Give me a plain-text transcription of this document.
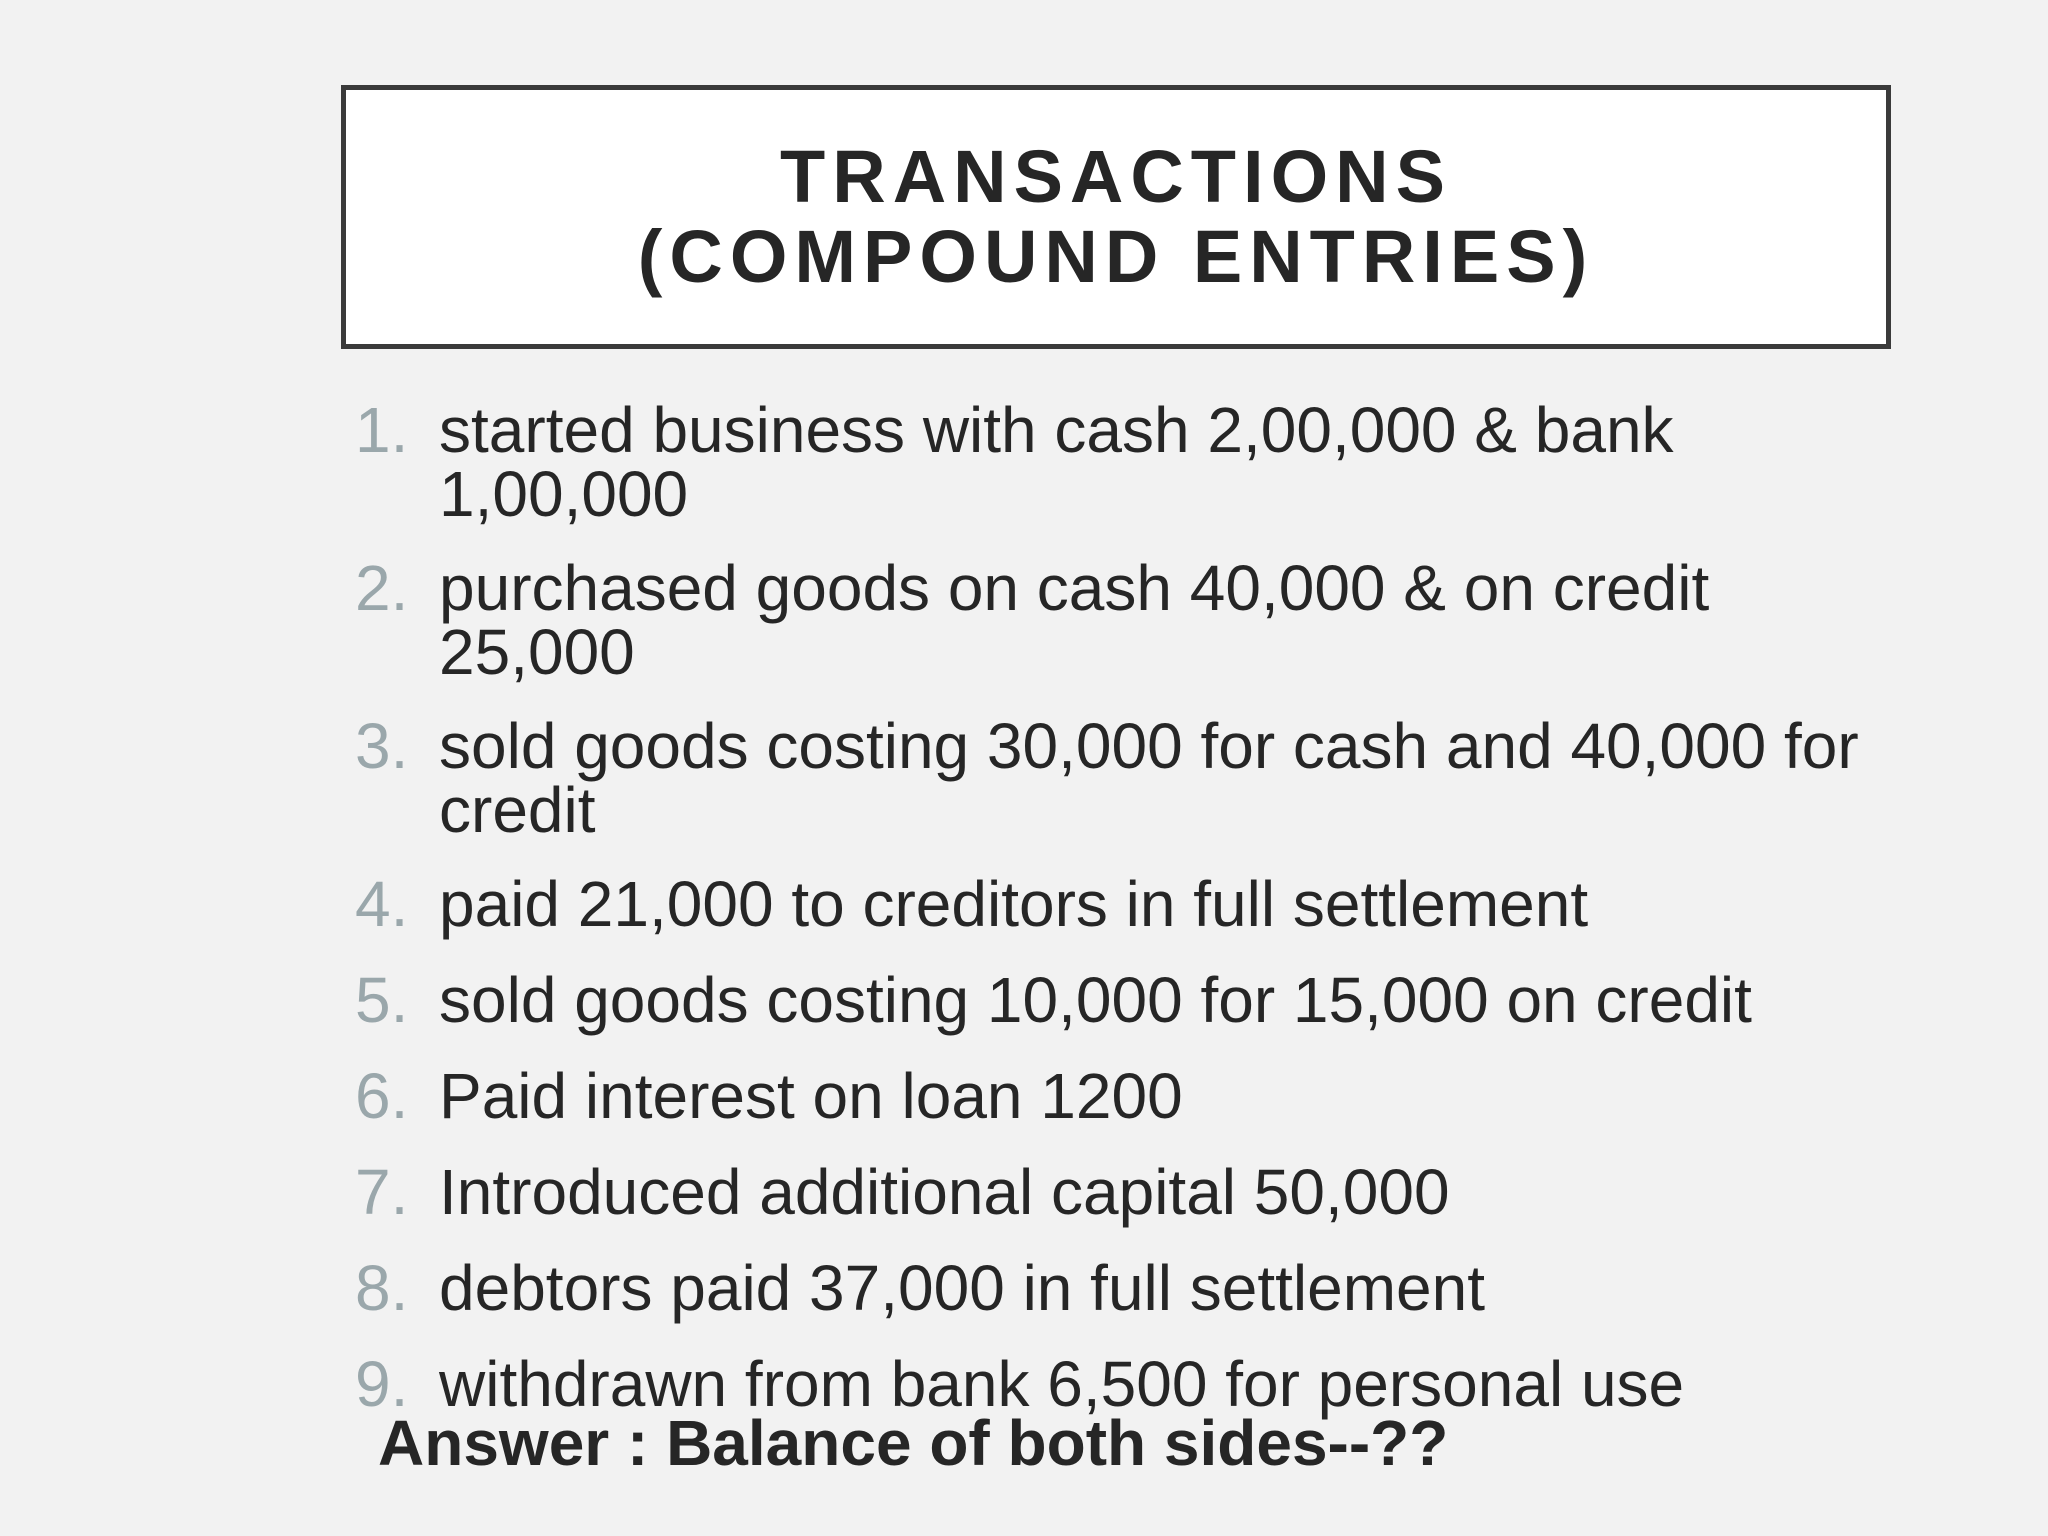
TRANSACTIONS
(COMPOUND ENTRIES)
1. started business with cash 2,00,000 & bank 1,00,000
2. purchased goods on cash 40,000 & on credit 25,000
3. sold goods costing 30,000 for cash and 40,000 for credit
4. paid 21,000 to creditors in full settlement
5. sold goods costing 10,000 for 15,000 on credit
6. Paid interest on loan 1200
7. Introduced additional capital 50,000
8. debtors paid 37,000 in full settlement
9. withdrawn from bank 6,500 for personal use
Answer : Balance of both sides--??
